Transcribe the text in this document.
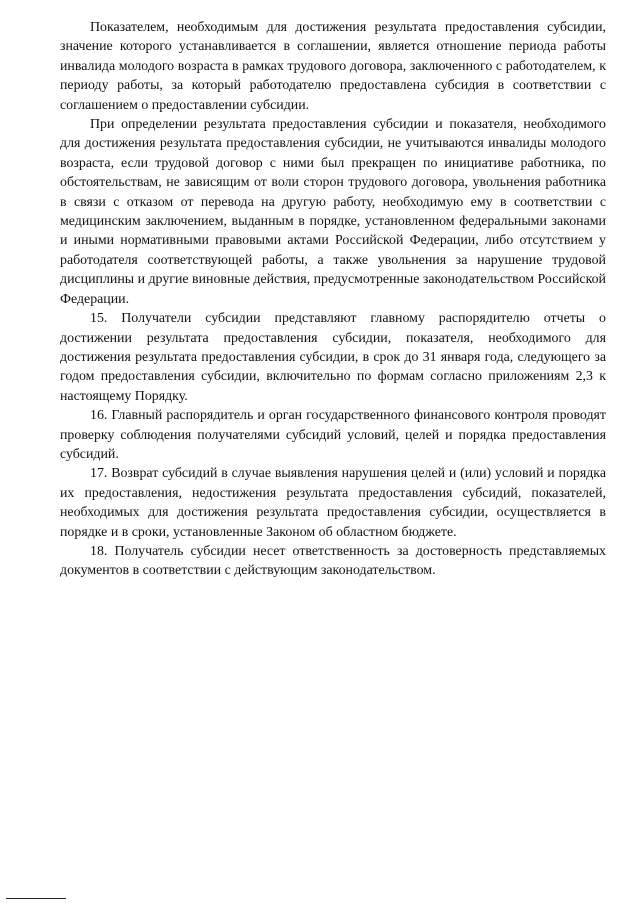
Показателем, необходимым для достижения результата предоставления субсидии, значение которого устанавливается в соглашении, является отношение периода работы инвалида молодого возраста в рамках трудового договора, заключенного с работодателем, к периоду работы, за который работодателю предоставлена субсидия в соответствии с соглашением о предоставлении субсидии.

При определении результата предоставления субсидии и показателя, необходимого для достижения результата предоставления субсидии, не учитываются инвалиды молодого возраста, если трудовой договор с ними был прекращен по инициативе работника, по обстоятельствам, не зависящим от воли сторон трудового договора, увольнения работника в связи с отказом от перевода на другую работу, необходимую ему в соответствии с медицинским заключением, выданным в порядке, установленном федеральными законами и иными нормативными правовыми актами Российской Федерации, либо отсутствием у работодателя соответствующей работы, а также увольнения за нарушение трудовой дисциплины и другие виновные действия, предусмотренные законодательством Российской Федерации.

15. Получатели субсидии представляют главному распорядителю отчеты о достижении результата предоставления субсидии, показателя, необходимого для достижения результата предоставления субсидии, в срок до 31 января года, следующего за годом предоставления субсидии, включительно по формам согласно приложениям 2,3 к настоящему Порядку.

16. Главный распорядитель и орган государственного финансового контроля проводят проверку соблюдения получателями субсидий условий, целей и порядка предоставления субсидий.

17. Возврат субсидий в случае выявления нарушения целей и (или) условий и порядка их предоставления, недостижения результата предоставления субсидий, показателей, необходимых для достижения результата предоставления субсидии, осуществляется в порядке и в сроки, установленные Законом об областном бюджете.

18. Получатель субсидии несет ответственность за достоверность представляемых документов в соответствии с действующим законодательством.
